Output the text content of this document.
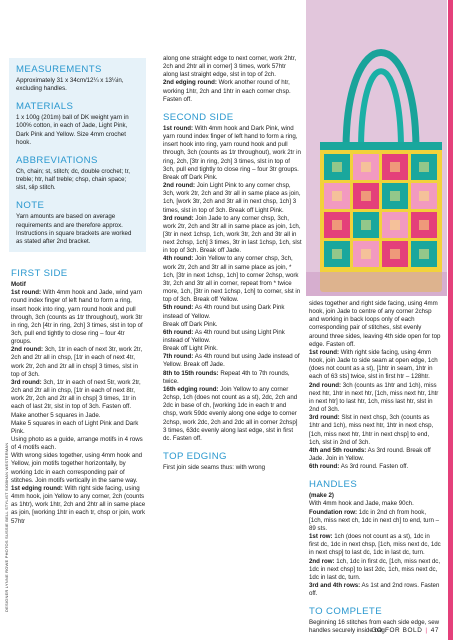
DESIGNER LYNNE ROWE PHOTOS SUSSIE BELL STYLIST SIOBHAN WESTERMAN
MEASUREMENTS

Approximately 31 x 34cm/12¼ x 13¼in, excluding handles.

MATERIALS

1 x 100g (201m) ball of DK weight yarn in 100% cotton, in each of Jade, Light Pink, Dark Pink and Yellow. Size 4mm crochet hook.

ABBREVIATIONS

Ch, chain; st, stitch; dc, double crochet; tr, treble; htr, half treble; chsp, chain space; slst, slip stitch.

NOTE

Yarn amounts are based on average requirements and are therefore approx. Instructions in square brackets are worked as stated after 2nd bracket.

FIRST SIDE
Motif

1st round: With 4mm hook and Jade, wind yarn round index finger of left hand to form a ring, insert hook into ring, yarn round hook and pull through, 3ch (counts as 1tr throughout), work 3tr in ring, 2ch [4tr in ring, 2ch] 3 times, slst in top of 3ch, pull end tightly to close ring – four 4tr groups.

2nd round: 3ch, 1tr in each of next 3tr, work 2tr, 2ch and 2tr all in chsp, [1tr in each of next 4tr, work 2tr, 2ch and 2tr all in chsp] 3 times, slst in top of 3ch.

3rd round: 3ch, 1tr in each of next 5tr, work 2tr, 2ch and 2tr all in chsp, [1tr in each of next 8tr, work 2tr, 2ch and 2tr all in chsp] 3 times, 1tr in each of last 2tr, slst in top of 3ch. Fasten off.

Make another 5 squares in Jade.

Make 5 squares in each of Light Pink and Dark Pink.

Using photo as a guide, arrange motifs in 4 rows of 4 motifs each.

With wrong sides together, using 4mm hook and Yellow, join motifs together horizontally, by working 1dc in each corresponding pair of stitches. Join motifs vertically in the same way.

1st edging round: With right side facing, using 4mm hook, join Yellow to any corner, 2ch (counts as 1htr), work 1htr, 2ch and 2htr all in same place as join, [working 1htr in each tr, chsp or join, work 57htr

along one straight edge to next corner, work 2htr, 2ch and 2htr all in corner] 3 times, work 57htr along last straight edge, slst in top of 2ch.

2nd edging round: Work another round of htr, working 1htr, 2ch and 1htr in each corner chsp. Fasten off.

SECOND SIDE

1st round: With 4mm hook and Dark Pink, wind yarn round index finger of left hand to form a ring, insert hook into ring, yarn round hook and pull through, 3ch (counts as 1tr throughout), work 2tr in ring, 2ch, [3tr in ring, 2ch] 3 times, slst in top of 3ch, pull end tightly to close ring – four 3tr groups. Break off Dark Pink.

2nd round: Join Light Pink to any corner chsp, 3ch, work 2tr, 2ch and 3tr all in same place as join, 1ch, [work 3tr, 2ch and 3tr all in next chsp, 1ch] 3 times, slst in top of 3ch. Break off Light Pink.

3rd round: Join Jade to any corner chsp, 3ch, work 2tr, 2ch and 3tr all in same place as join, 1ch, [3tr in next 1chsp, 1ch, work 3tr, 2ch and 3tr all in next 2chsp, 1ch] 3 times, 3tr in last 1chsp, 1ch, slst in top of 3ch. Break off Jade.

4th round: Join Yellow to any corner chsp, 3ch, work 2tr, 2ch and 3tr all in same place as join, * 1ch, [3tr in next 1chsp, 1ch] to corner 2chsp, work 3tr, 2ch and 3tr all in corner, repeat from * twice more, 1ch, [3tr in next 1chsp, 1ch] to corner, slst in top of 3ch. Break off Yellow.

5th round: As 4th round but using Dark Pink instead of Yellow.

Break off Dark Pink.

6th round: As 4th round but using Light Pink instead of Yellow.

Break off Light Pink.

7th round: As 4th round but using Jade instead of Yellow. Break off Jade.

8th to 15th rounds: Repeat 4th to 7th rounds, twice.

16th edging round: Join Yellow to any corner 2chsp, 1ch (does not count as a st), 2dc, 2ch and 2dc in base of ch, [working 1dc in each tr and chsp, work 59dc evenly along one edge to corner 2chsp, work 2dc, 2ch and 2dc all in corner 2chsp] 3 times, 63dc evenly along last edge, slst in first dc. Fasten off.

TOP EDGING

First join side seams thus: with wrong

sides together and right side facing, using 4mm hook, join Jade to centre of any corner 2chsp and working in back loops only of each corresponding pair of stitches, slst evenly around three sides, leaving 4th side open for top edge. Fasten off.

1st round: With right side facing, using 4mm hook, join Jade to side seam at open edge, 1ch (does not count as a st), [1htr in seam, 1htr in each of 63 sts] twice, slst in first htr – 128htr.

2nd round: 3ch (counts as 1htr and 1ch), miss next htr, 1htr in next htr, [1ch, miss next htr, 1htr in next htr] to last htr, 1ch, miss last htr, slst in 2nd of 3ch.

3rd round: Slst in next chsp, 3ch (counts as 1htr and 1ch), miss next htr, 1htr in next chsp, [1ch, miss next htr, 1htr in next chsp] to end, 1ch, slst in 2nd of 3ch.

4th and 5th rounds: As 3rd round. Break off Jade. Join in Yellow.

6th round: As 3rd round. Fasten off.

HANDLES

(make 2)

With 4mm hook and Jade, make 90ch.

Foundation row: 1dc in 2nd ch from hook, [1ch, miss next ch, 1dc in next ch] to end, turn – 89 sts.

1st row: 1ch (does not count as a st), 1dc in first dc, 1dc in next chsp, [1ch, miss next dc, 1dc in next chsp] to last dc, 1dc in last dc, turn.

2nd row: 1ch, 1dc in first dc, [1ch, miss next dc, 1dc in next chsp] to last 2dc, 1ch, miss next dc, 1dc in last dc, turn.

3rd and 4th rows: As 1st and 2nd rows. Fasten off.

TO COMPLETE

Beginning 16 stitches from each side edge, sew handles securely inside bag.

GO FOR BOLD | 47
